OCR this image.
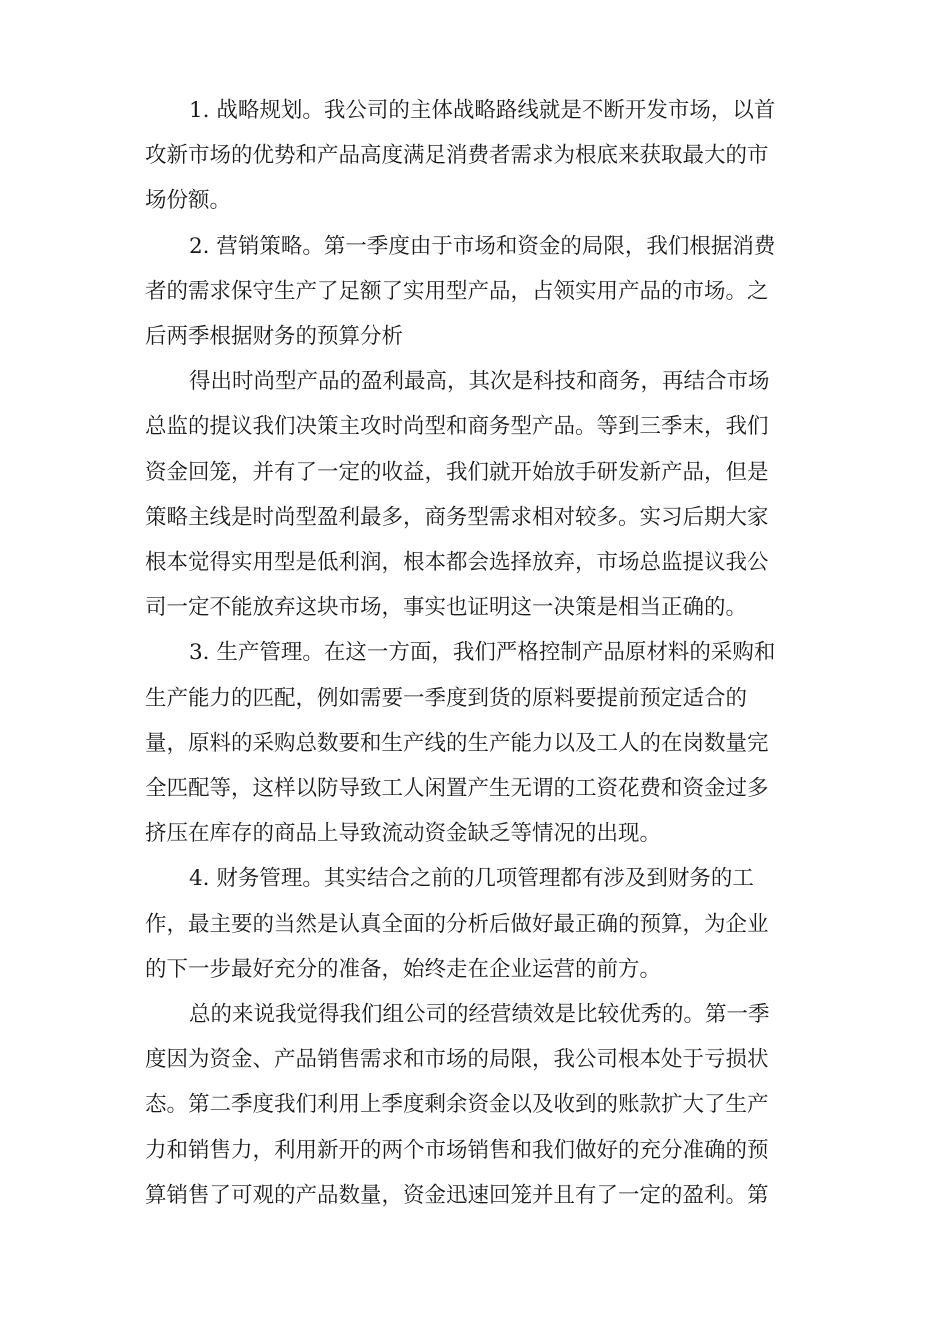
1. 战略规划。我公司的主体战略路线就是不断开发市场，以首
攻新市场的优势和产品高度满足消费者需求为根底来获取最大的市
场份额。

2. 营销策略。第一季度由于市场和资金的局限，我们根据消费
者的需求保守生产了足额了实用型产品，占领实用产品的市场。之
后两季根据财务的预算分析

得出时尚型产品的盈利最高，其次是科技和商务，再结合市场
总监的提议我们决策主攻时尚型和商务型产品。等到三季末，我们
资金回笼，并有了一定的收益，我们就开始放手研发新产品，但是
策略主线是时尚型盈利最多，商务型需求相对较多。实习后期大家
根本觉得实用型是低利润，根本都会选择放弃，市场总监提议我公
司一定不能放弃这块市场，事实也证明这一决策是相当正确的。

3. 生产管理。在这一方面，我们严格控制产品原材料的采购和
生产能力的匹配，例如需要一季度到货的原料要提前预定适合的
量，原料的采购总数要和生产线的生产能力以及工人的在岗数量完
全匹配等，这样以防导致工人闲置产生无谓的工资花费和资金过多
挤压在库存的商品上导致流动资金缺乏等情况的出现。

4. 财务管理。其实结合之前的几项管理都有涉及到财务的工
作，最主要的当然是认真全面的分析后做好最正确的预算，为企业
的下一步最好充分的准备，始终走在企业运营的前方。

总的来说我觉得我们组公司的经营绩效是比较优秀的。第一季
度因为资金、产品销售需求和市场的局限，我公司根本处于亏损状
态。第二季度我们利用上季度剩余资金以及收到的账款扩大了生产
力和销售力，利用新开的两个市场销售和我们做好的充分准确的预
算销售了可观的产品数量，资金迅速回笼并且有了一定的盈利。第
